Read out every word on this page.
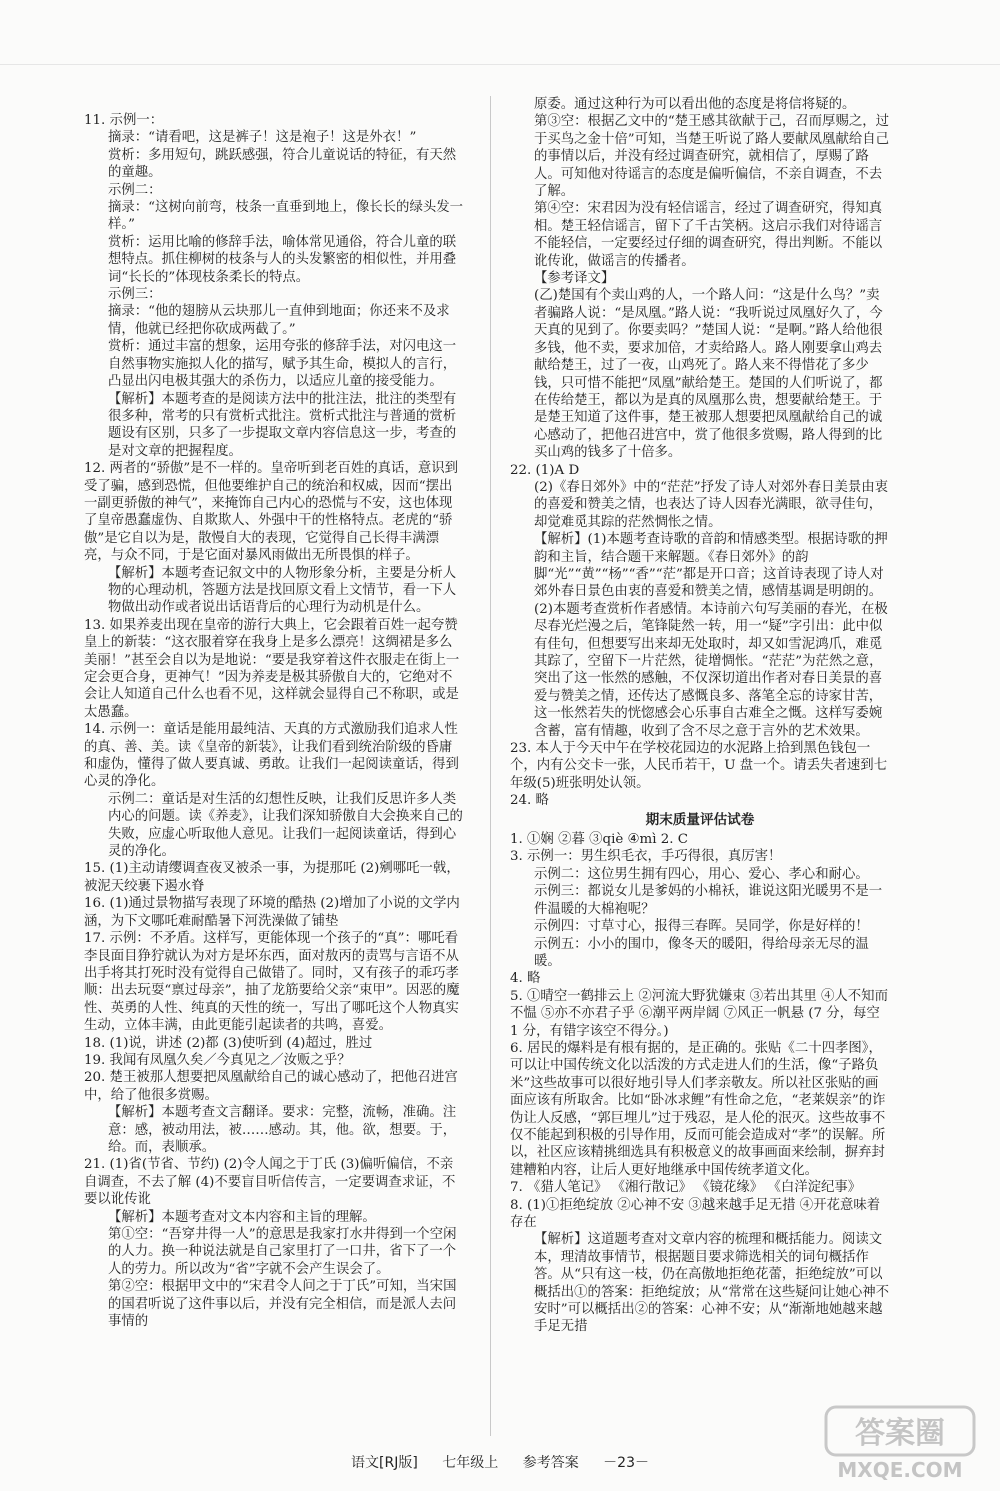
11. 示例一：

摘录：“请看吧，这是裤子！这是袍子！这是外衣！”

赏析：多用短句，跳跃感强，符合儿童说话的特征，有天然的童趣。

示例二：

摘录：“这树向前弯，枝条一直垂到地上，像长长的绿头发一样。”

赏析：运用比喻的修辞手法，喻体常见通俗，符合儿童的联想特点。抓住柳树的枝条与人的头发繁密的相似性，并用叠词“长长的”体现枝条柔长的特点。

示例三：

摘录：“他的翅膀从云块那儿一直伸到地面；你还来不及求情，他就已经把你砍成两截了。”

赏析：通过丰富的想象，运用夸张的修辞手法，对闪电这一自然事物实施拟人化的描写，赋予其生命，模拟人的言行，凸显出闪电极其强大的杀伤力，以适应儿童的接受能力。

【解析】本题考查的是阅读方法中的批注法，批注的类型有很多种，常考的只有赏析式批注。赏析式批注与普通的赏析题设有区别，只多了一步提取文章内容信息这一步，考查的是对文章的把握程度。

12. 两者的“骄傲”是不一样的。皇帝听到老百姓的真话，意识到受了骗，感到恐慌，但他要维护自己的统治和权威，因而“摆出一副更骄傲的神气”，来掩饰自己内心的恐慌与不安，这也体现了皇帝愚蠢虚伪、自欺欺人、外强中干的性格特点。老虎的“骄傲”是它自以为是，散慢自大的表现，它觉得自己长得丰满漂亮，与众不同，于是它面对暴风雨做出无所畏惧的样子。

【解析】本题考查记叙文中的人物形象分析，主要是分析人物的心理动机，答题方法是找回原文看上文情节，看一下人物做出动作或者说出话语背后的心理行为动机是什么。

13. 如果养麦出现在皇帝的游行大典上，它会跟着百姓一起夸赞皇上的新装：“这衣服着穿在我身上是多么漂亮！这绸裙是多么美丽！”甚至会自以为是地说：“要是我穿着这件衣服走在街上一定会更合身，更神气！”因为养麦是极其骄傲自大的，它绝对不会让人知道自己什么也看不见，这样就会显得自己不称职，或是太愚蠢。

14. 示例一：童话是能用最纯洁、天真的方式激励我们追求人性的真、善、美。读《皇帝的新装》，让我们看到统治阶级的昏庸和虚伪，懂得了做人要真诚、勇敢。让我们一起阅读童话，得到心灵的净化。

示例二：童话是对生活的幻想性反映，让我们反思许多人类内心的问题。读《养麦》，让我们深知骄傲自大会换来自己的失败，应虚心听取他人意见。让我们一起阅读童话，得到心灵的净化。

15. (1)主动请缨调查夜叉被杀一事，为提那吒 (2)剜哪吒一戟，被泥天绞裹下遏水脊

16. (1)通过景物描写表现了环境的酷热 (2)增加了小说的文学内涵，为下文哪吒难耐酷暑下河洗澡做了铺垫

17. 示例：不矛盾。这样写，更能体现一个孩子的“真”：哪吒看李艮面目狰狞就认为对方是坏东西，面对敖丙的责骂与言语不从出手将其打死时没有觉得自己做错了。同时，又有孩子的乖巧孝顺：出去玩耍“禀过母亲”，抽了龙筋要给父亲“束甲”。因恶的魔性、英勇的人性、纯真的天性的统一，写出了哪吒这个人物真实生动，立体丰满，由此更能引起读者的共鸣，喜爱。

18. (1)说，讲述 (2)都 (3)使听到 (4)超过，胜过

19. 我闻有凤凰久矣／今真见之／汝贩之乎？

20. 楚王被那人想要把凤凰献给自己的诚心感动了，把他召进宫中，给了他很多赏赐。

【解析】本题考查文言翻译。要求：完整，流畅，准确。注意：感，被动用法，被……感动。其，他。欲，想要。于，给。而，表顺承。

21. (1)省(节省、节约) (2)令人闻之于丁氏 (3)偏听偏信，不亲自调查，不去了解 (4)不要盲目听信传言，一定要调查求证，不要以讹传讹

【解析】本题考查对文本内容和主旨的理解。

第①空：“吾穿井得一人”的意思是我家打水井得到一个空闲的人力。换一种说法就是自己家里打了一口井，省下了一个人的劳力。所以改为“省”字就不会产生误会了。

第②空：根据甲文中的“宋君令人问之于丁氏”可知，当宋国的国君听说了这件事以后，并没有完全相信，而是派人去问事情的

原委。通过这种行为可以看出他的态度是将信将疑的。

第③空：根据乙文中的“楚王感其欲献于己，召而厚赐之，过于买鸟之金十倍”可知，当楚王听说了路人要献凤凰献给自己的事情以后，并没有经过调查研究，就相信了，厚赐了路人。可知他对待谣言的态度是偏听偏信，不亲自调查，不去了解。

第④空：宋君因为没有轻信谣言，经过了调查研究，得知真相。楚王轻信谣言，留下了千古笑柄。这启示我们对待谣言不能轻信，一定要经过仔细的调查研究，得出判断。不能以讹传讹，做谣言的传播者。

【参考译文】

(乙)楚国有个卖山鸡的人，一个路人问：“这是什么鸟？”卖者骗路人说：“是凤凰。”路人说：“我听说过凤凰好久了，今天真的见到了。你要卖吗？”楚国人说：“是啊。”路人给他很多钱，他不卖，要求加倍，才卖给路人。路人刚要拿山鸡去献给楚王，过了一夜，山鸡死了。路人来不得惜花了多少钱，只可惜不能把“凤凰”献给楚王。楚国的人们听说了，都在传给楚王，都以为是真的凤凰那么贵，想要献给楚王。于是楚王知道了这件事，楚王被那人想要把凤凰献给自己的诚心感动了，把他召进宫中，赏了他很多赏赐，路人得到的比买山鸡的钱多了十倍多。

22. (1)A D

(2)《春日郊外》中的“茫茫”抒发了诗人对郊外春日美景由衷的喜爱和赞美之情，也表达了诗人因春光满眼，欲寻佳句，却觉难觅其踪的茫然惆怅之情。

【解析】(1)本题考查诗歌的音韵和情感类型。根据诗歌的押韵和主旨，结合题干来解题。《春日郊外》的韵脚“光”“黄”“杨”“香”“茫”都是开口音；这首诗表现了诗人对郊外春日景色由衷的喜爱和赞美之情，感情基调是明朗的。

(2)本题考查赏析作者感情。本诗前六句写美丽的春光，在极尽春光烂漫之后，笔锋陡然一转，用一“疑”字引出：此中似有佳句，但想要写出来却无处取时，却又如雪泥鸿爪，难觅其踪了，空留下一片茫然，徒增惆怅。“茫茫”为茫然之意，突出了这一怅然的感触，不仅深切道出作者对春日美景的喜爱与赞美之情，还传达了感慨良多、落笔全忘的诗家甘苦，这一怅然若失的恍惚感会心乐事自古难全之慨。这样写委婉含蓄，富有情趣，收到了含不尽之意于言外的艺术效果。

23. 本人于今天中午在学校花园边的水泥路上拾到黑色钱包一个，内有公交卡一张，人民币若干，U 盘一个。请丢失者速到七年级(5)班张明处认领。

24. 略

期末质量评估试卷

1. ①娴 ②暮 ③qiè ④mì 2. C

3. 示例一：男生织毛衣，手巧得很，真厉害！

示例二：这位男生拥有四心，用心、爱心、孝心和耐心。

示例三：都说女儿是爹妈的小棉袄，谁说这阳光暖男不是一件温暖的大棉袍呢？

示例四：寸草寸心，报得三春晖。吴同学，你是好样的！

示例五：小小的围巾，像冬天的暖阳，得给母亲无尽的温暖。

4. 略

5. ①晴空一鹤排云上 ②河流大野犹嫌束 ③若出其里 ④人不知而不愠 ⑤亦不亦君子乎 ⑥潮平两岸阔 ⑦风正一帆悬 (7 分，每空 1 分，有错字该空不得分。)

6. 居民的爆料是有根有据的，是正确的。张贴《二十四孝图》，可以让中国传统文化以活泼的方式走进人们的生活，像“子路负米”这些故事可以很好地引导人们孝亲敬友。所以社区张贴的画面应该有所取舍。比如“卧冰求鲤”有性命之危，“老莱娱亲”的诈伪让人反感，“郭巨埋儿”过于残忍，是人伦的泯灭。这些故事不仅不能起到积极的引导作用，反而可能会造成对“孝”的误解。所以，社区应该精挑细选具有积极意义的故事画面来绘制，摒弃封建糟粕内容，让后人更好地继承中国传统孝道文化。

7. 《猎人笔记》 《湘行散记》 《镜花缘》 《白洋淀纪事》

8. (1)①拒绝绽放 ②心神不安 ③越来越手足无措 ④开花意味着存在

【解析】这道题考查对文章内容的梳理和概括能力。阅读文本，理清故事情节，根据题目要求筛选相关的词句概括作答。从“只有这一枝，仍在高傲地拒绝花蕾，拒绝绽放”可以概括出①的答案：拒绝绽放；从“常常在这些疑问让她心神不安时”可以概括出②的答案：心神不安；从“渐渐地她越来越手足无措

语文[RJ版] 七年级上 参考答案 －23－
答案圈
MXQE.COM
